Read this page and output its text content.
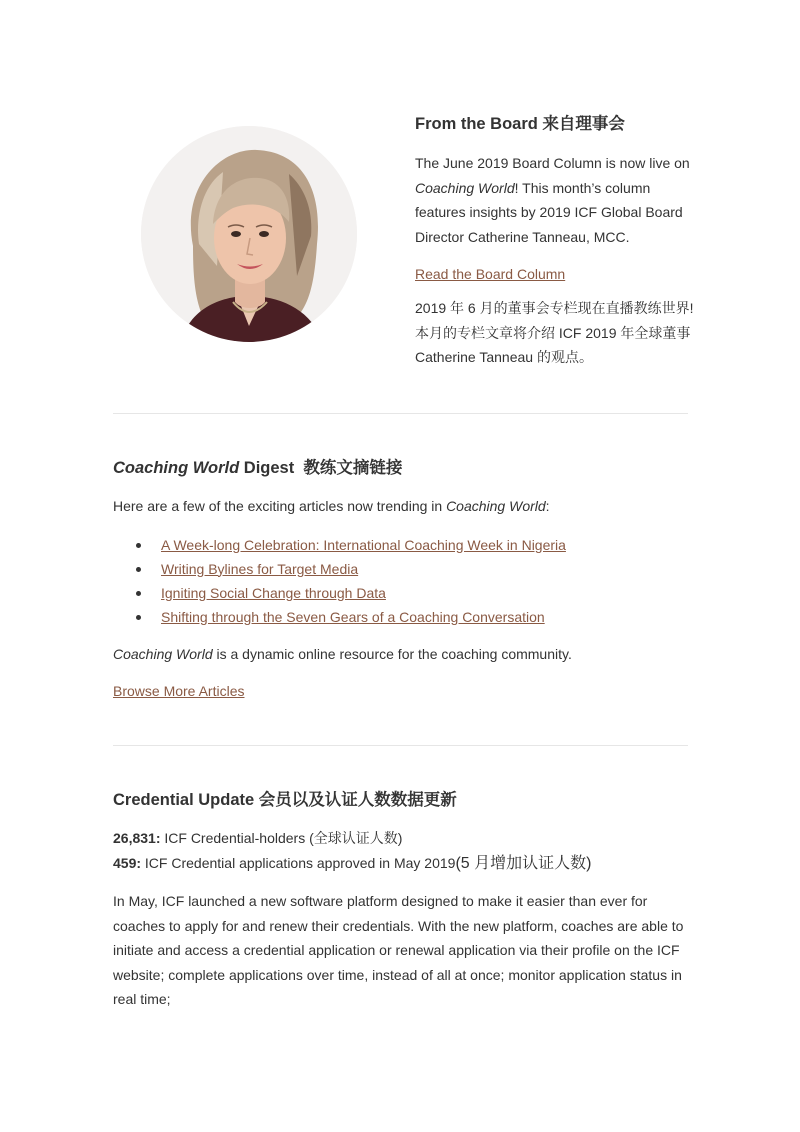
From the Board 来自理事会

The June 2019 Board Column is now live on Coaching World! This month’s column features insights by 2019 ICF Global Board Director Catherine Tanneau, MCC.

Read the Board Column

2019 年 6 月的董事会专栏现在直播教练世界! 本月的专栏文章将介绍 ICF 2019 年全球董事 Catherine Tanneau 的观点。

Coaching World Digest  教练文摘链接

Here are a few of the exciting articles now trending in Coaching World:

A Week-long Celebration: International Coaching Week in Nigeria
Writing Bylines for Target Media
Igniting Social Change through Data
Shifting through the Seven Gears of a Coaching Conversation

Coaching World is a dynamic online resource for the coaching community.

Browse More Articles
Credential Update 会员以及认证人数数据更新

26,831: ICF Credential-holders (全球认证人数)

459: ICF Credential applications approved in May 2019(5 月增加认证人数)

In May, ICF launched a new software platform designed to make it easier than ever for coaches to apply for and renew their credentials. With the new platform, coaches are able to initiate and access a credential application or renewal application via their profile on the ICF website; complete applications over time, instead of all at once; monitor application status in real time;
